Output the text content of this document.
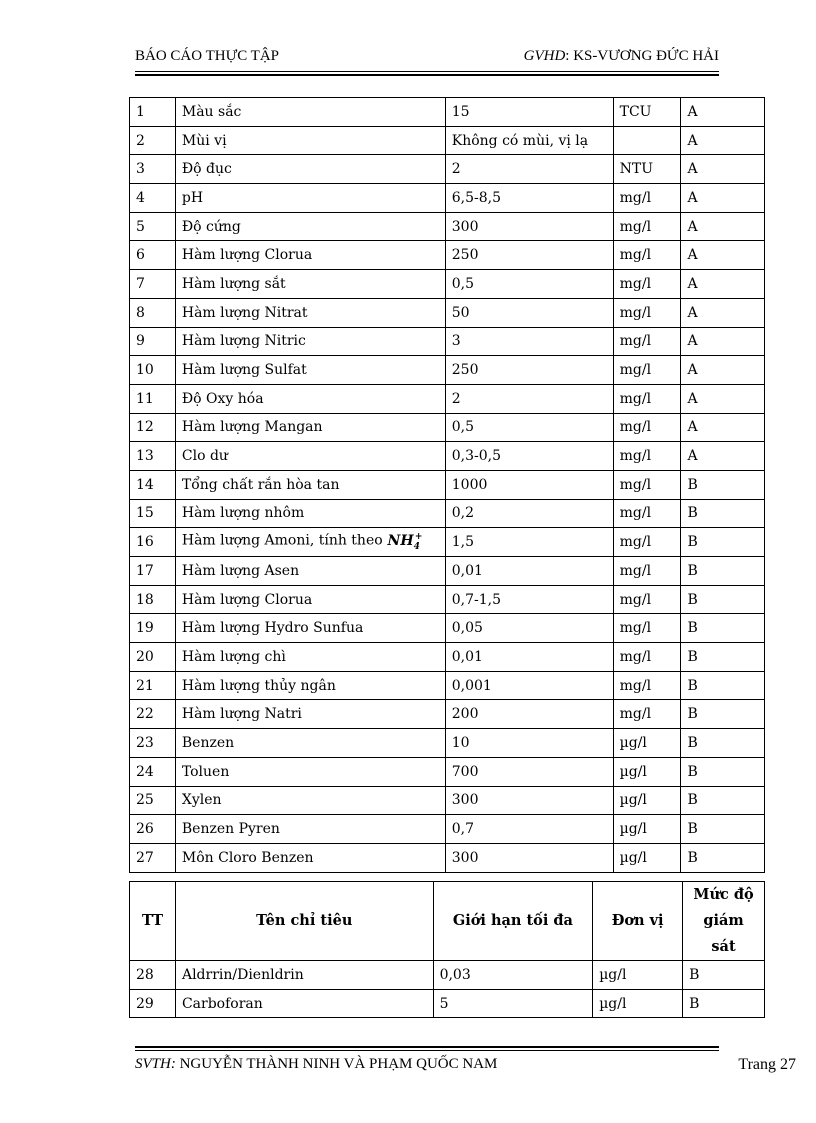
BÁO CÁO THỰC TẬP	GVHD: KS-VƯƠNG ĐỨC HẢI
1	Màu sắc	15	TCU	A
2	Mùi vị	Không có mùi, vị lạ		A
3	Độ đục	2	NTU	A
4	pH	6,5-8,5	mg/l	A
5	Độ cứng	300	mg/l	A
6	Hàm lượng Clorua	250	mg/l	A
7	Hàm lượng sắt	0,5	mg/l	A
8	Hàm lượng Nitrat	50	mg/l	A
9	Hàm lượng Nitric	3	mg/l	A
10	Hàm lượng Sulfat	250	mg/l	A
11	Độ Oxy hóa	2	mg/l	A
12	Hàm lượng Mangan	0,5	mg/l	A
13	Clo dư	0,3-0,5	mg/l	A
14	Tổng chất rắn hòa tan	1000	mg/l	B
15	Hàm lượng nhôm	0,2	mg/l	B
16	Hàm lượng Amoni, tính theo $NH_4^+$	1,5	mg/l	B
17	Hàm lượng Asen	0,01	mg/l	B
18	Hàm lượng Clorua	0,7-1,5	mg/l	B
19	Hàm lượng Hydro Sunfua	0,05	mg/l	B
20	Hàm lượng chì	0,01	mg/l	B
21	Hàm lượng thủy ngân	0,001	mg/l	B
22	Hàm lượng Natri	200	mg/l	B
23	Benzen	10	µg/l	B
24	Toluen	700	µg/l	B
25	Xylen	300	µg/l	B
26	Benzen Pyren	0,7	µg/l	B
27	Môn Cloro Benzen	300	µg/l	B
TT	Tên chỉ tiêu	Giới hạn tối đa	Đơn vị	Mức độ giám sát
28	Aldrrin/Dienldrin	0,03	µg/l	B
29	Carboforan	5	µg/l	B
SVTH: NGUYỄN THÀNH NINH VÀ PHẠM QUỐC NAM	Trang 27
